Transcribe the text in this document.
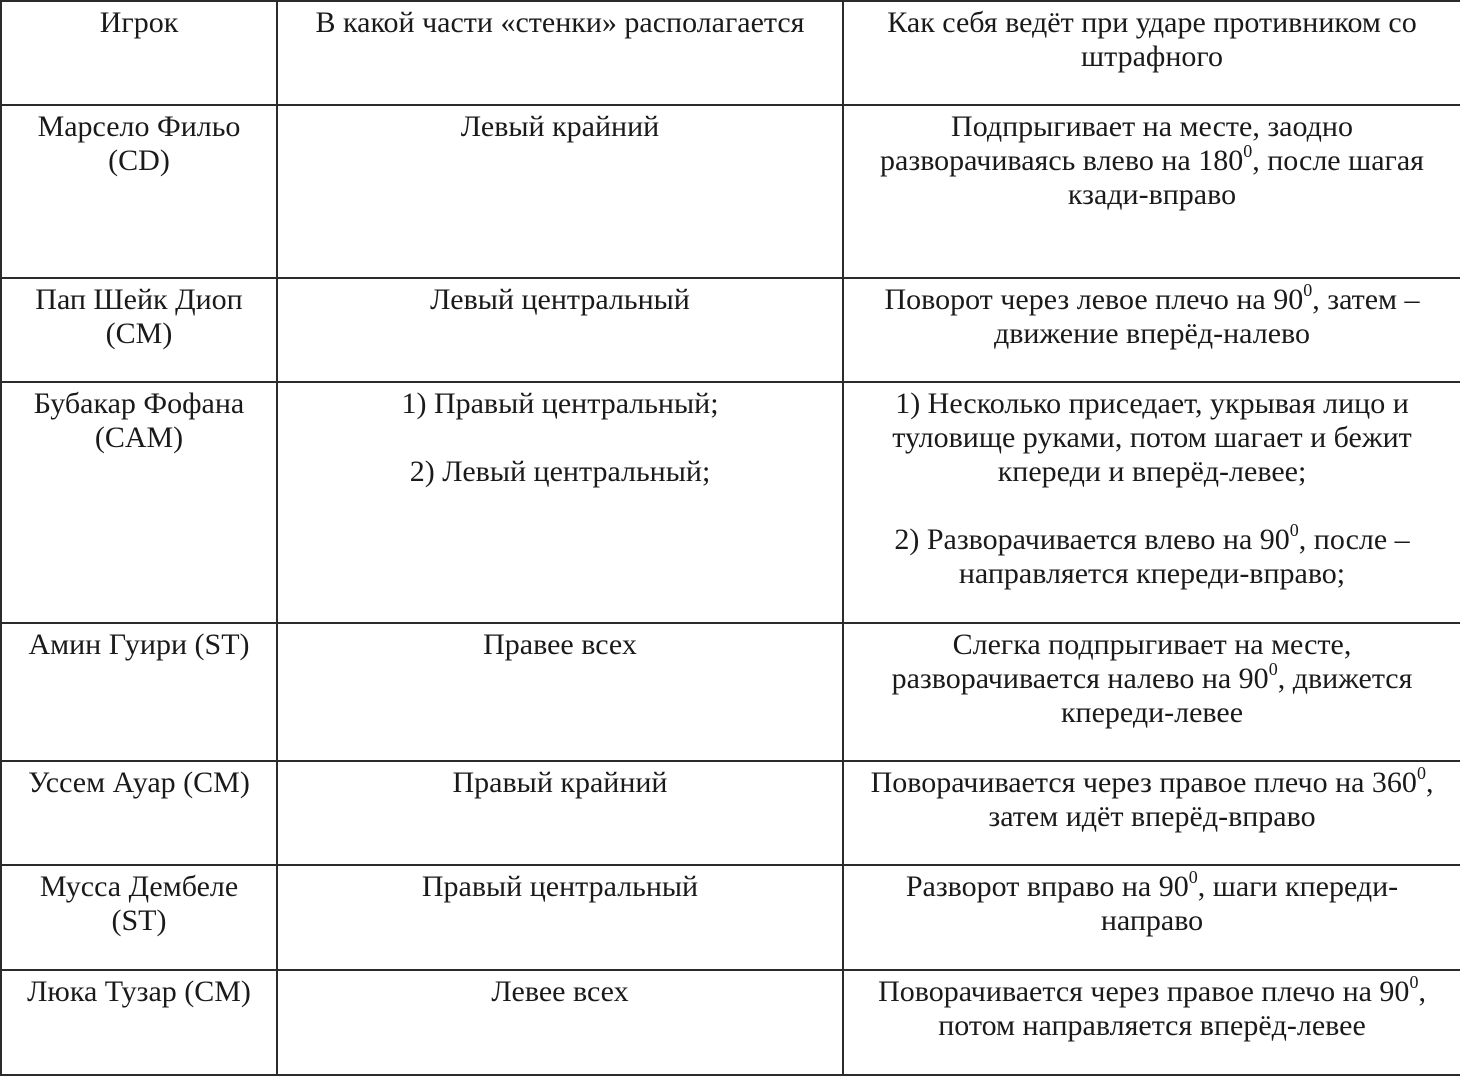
Игрок	В какой части «стенки» располагается	Как себя ведёт при ударе противником со
штрафного

Марсело Фильо
(CD)	Левый крайний	Подпрыгивает на месте, заодно
разворачиваясь влево на $180^0$, после шагая
кзади-вправо

Пап Шейк Диоп
(CM)	Левый центральный	Поворот через левое плечо на $90^0$, затем –
движение вперёд-налево

Бубакар Фофана
(CAM)	1) Правый центральный;
2) Левый центральный;	1) Несколько приседает, укрывая лицо и
туловище руками, потом шагает и бежит
кпереди и вперёд-левее;
2) Разворачивается влево на $90^0$, после –
направляется кпереди-вправо;

Амин Гуири (ST)	Правее всех	Слегка подпрыгивает на месте,
разворачивается налево на $90^0$, движется
кпереди-левее

Уссем Ауар (CM)	Правый крайний	Поворачивается через правое плечо на $360^0$,
затем идёт вперёд-вправо

Мусса Дембеле
(ST)	Правый центральный	Разворот вправо на $90^0$, шаги кпереди-
направо

Люка Тузар (CM)	Левее всех	Поворачивается через правое плечо на $90^0$,
потом направляется вперёд-левее
